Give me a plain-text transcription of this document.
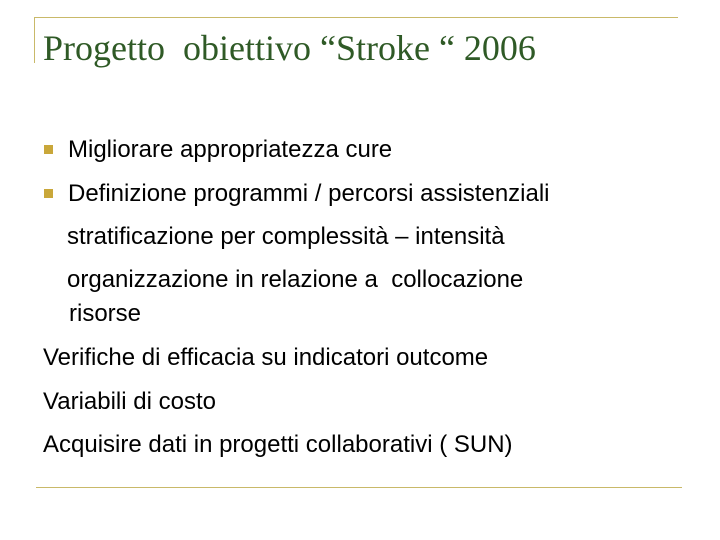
Progetto  obiettivo “Stroke “ 2006
Migliorare appropriatezza cure
Definizione programmi / percorsi assistenziali
stratificazione per complessità – intensità
organizzazione in relazione a  collocazione
risorse
Verifiche di efficacia su indicatori outcome
Variabili di costo
Acquisire dati in progetti collaborativi ( SUN)
